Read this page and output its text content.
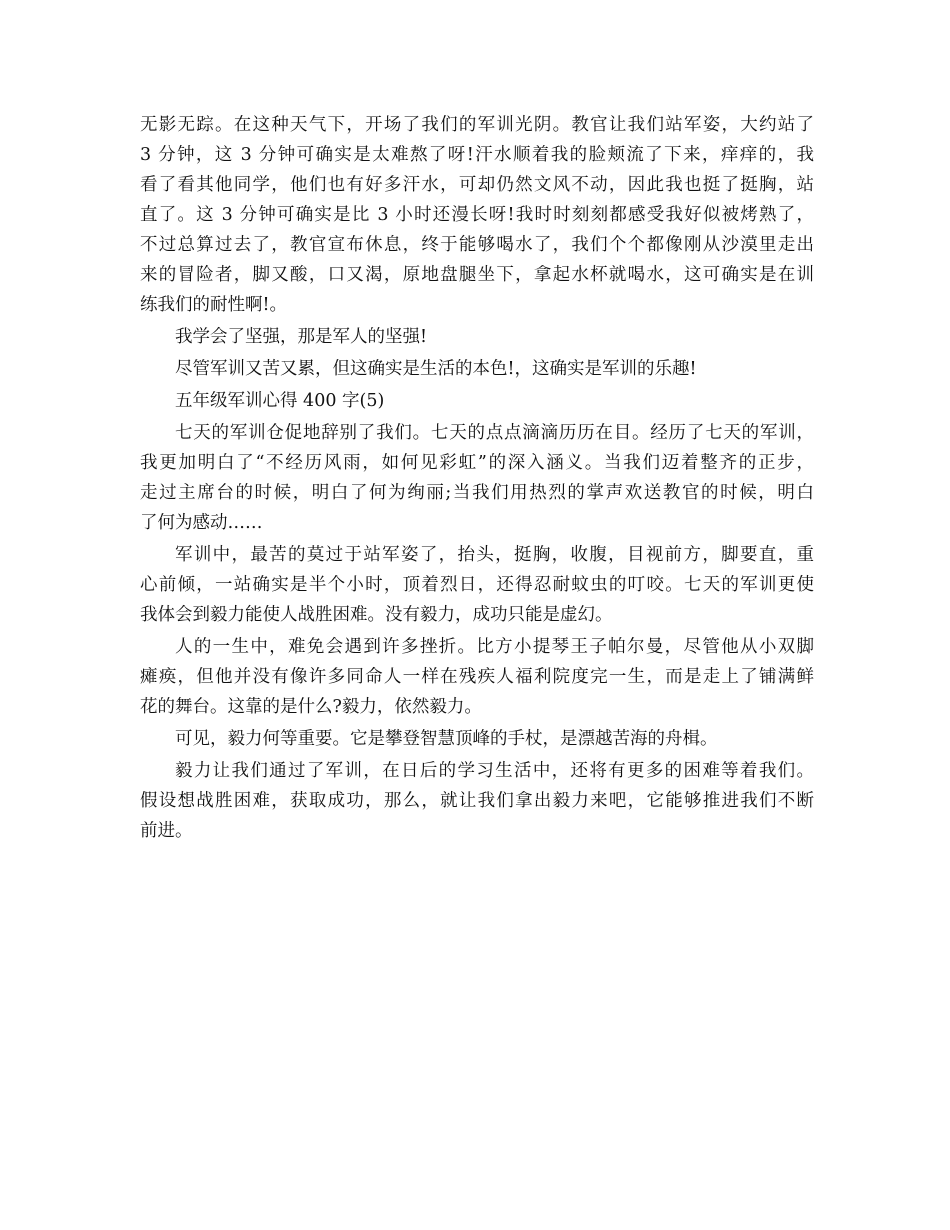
无影无踪。在这种天气下，开场了我们的军训光阴。教官让我们站军姿，大约站了
3 分钟，这 3 分钟可确实是太难熬了呀!汗水顺着我的脸颊流了下来，痒痒的，我
看了看其他同学，他们也有好多汗水，可却仍然文风不动，因此我也挺了挺胸，站
直了。这 3 分钟可确实是比 3 小时还漫长呀!我时时刻刻都感受我好似被烤熟了，
不过总算过去了，教官宣布休息，终于能够喝水了，我们个个都像刚从沙漠里走出
来的冒险者，脚又酸，口又渴，原地盘腿坐下，拿起水杯就喝水，这可确实是在训
练我们的耐性啊!。
我学会了坚强，那是军人的坚强!
尽管军训又苦又累，但这确实是生活的本色!，这确实是军训的乐趣!
五年级军训心得 400 字(5)
七天的军训仓促地辞别了我们。七天的点点滴滴历历在目。经历了七天的军训，
我更加明白了“不经历风雨，如何见彩虹”的深入涵义。当我们迈着整齐的正步，
走过主席台的时候，明白了何为绚丽;当我们用热烈的掌声欢送教官的时候，明白
了何为感动……
军训中，最苦的莫过于站军姿了，抬头，挺胸，收腹，目视前方，脚要直，重
心前倾，一站确实是半个小时，顶着烈日，还得忍耐蚊虫的叮咬。七天的军训更使
我体会到毅力能使人战胜困难。没有毅力，成功只能是虚幻。
人的一生中，难免会遇到许多挫折。比方小提琴王子帕尔曼，尽管他从小双脚
瘫痪，但他并没有像许多同命人一样在残疾人福利院度完一生，而是走上了铺满鲜
花的舞台。这靠的是什么?毅力，依然毅力。
可见，毅力何等重要。它是攀登智慧顶峰的手杖，是漂越苦海的舟楫。
毅力让我们通过了军训，在日后的学习生活中，还将有更多的困难等着我们。
假设想战胜困难，获取成功，那么，就让我们拿出毅力来吧，它能够推进我们不断
前进。
